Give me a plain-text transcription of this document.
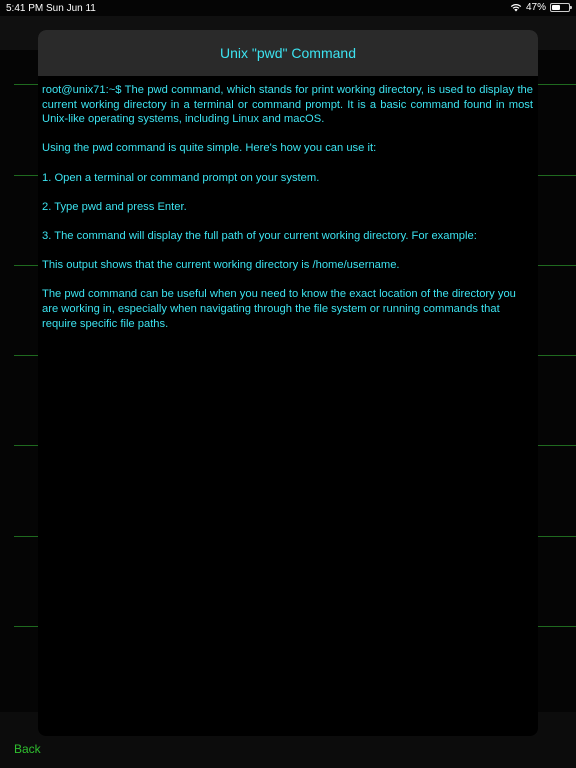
5:41 PM Sun Jun 11	47%
Back
Unix "pwd" Command

root@unix71:~$ The pwd command, which stands for print working directory, is used to display the current working directory in a terminal or command prompt. It is a basic command found in most Unix-like operating systems, including Linux and macOS.

Using the pwd command is quite simple. Here's how you can use it:

1. Open a terminal or command prompt on your system.

2. Type pwd and press Enter.

3. The command will display the full path of your current working directory. For example:

This output shows that the current working directory is /home/username.

The pwd command can be useful when you need to know the exact location of the directory you are working in, especially when navigating through the file system or running commands that require specific file paths.
